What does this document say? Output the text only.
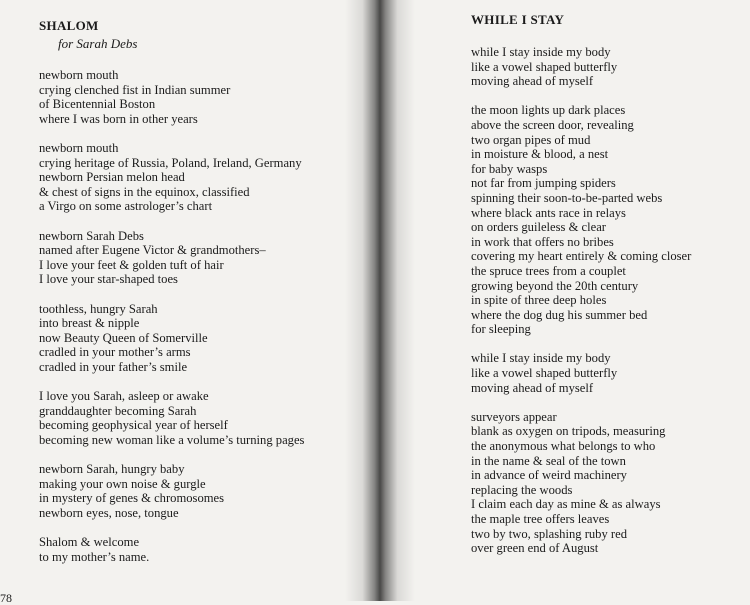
SHALOM
for Sarah Debs
newborn mouth
crying clenched fist in Indian summer
of Bicentennial Boston
where I was born in other years
newborn mouth
crying heritage of Russia, Poland, Ireland, Germany
newborn Persian melon head
& chest of signs in the equinox, classified
a Virgo on some astrologer’s chart
newborn Sarah Debs
named after Eugene Victor & grandmothers–
I love your feet & golden tuft of hair
I love your star-shaped toes
toothless, hungry Sarah
into breast & nipple
now Beauty Queen of Somerville
cradled in your mother’s arms
cradled in your father’s smile
I love you Sarah, asleep or awake
granddaughter becoming Sarah
becoming geophysical year of herself
becoming new woman like a volume’s turning pages
newborn Sarah, hungry baby
making your own noise & gurgle
in mystery of genes & chromosomes
newborn eyes, nose, tongue
Shalom & welcome
to my mother’s name.
78
WHILE I STAY
while I stay inside my body
like a vowel shaped butterfly
moving ahead of myself
the moon lights up dark places
above the screen door, revealing
two organ pipes of mud
in moisture & blood, a nest
for baby wasps
not far from jumping spiders
spinning their soon-to-be-parted webs
where black ants race in relays
on orders guileless & clear
in work that offers no bribes
covering my heart entirely & coming closer
the spruce trees from a couplet
growing beyond the 20th century
in spite of three deep holes
where the dog dug his summer bed
for sleeping
while I stay inside my body
like a vowel shaped butterfly
moving ahead of myself
surveyors appear
blank as oxygen on tripods, measuring
the anonymous what belongs to who
in the name & seal of the town
in advance of weird machinery
replacing the woods
I claim each day as mine & as always
the maple tree offers leaves
two by two, splashing ruby red
over green end of August
